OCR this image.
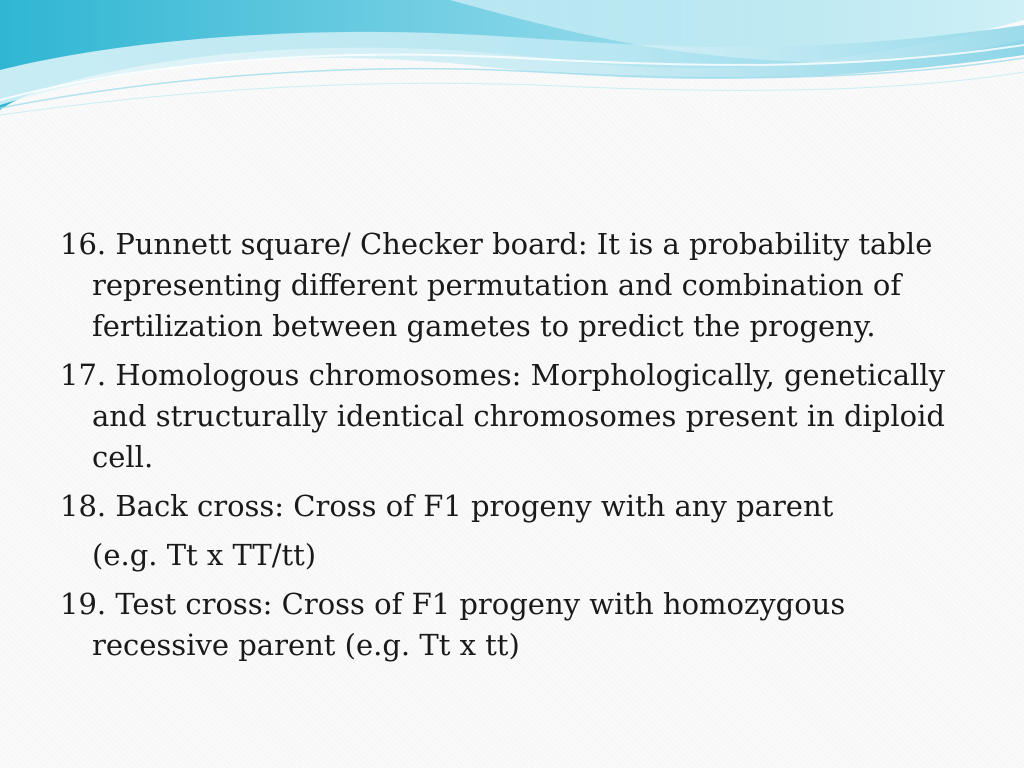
16. Punnett square/ Checker board: It is a probability table representing different permutation and combination of fertilization between gametes to predict the progeny.

17. Homologous chromosomes: Morphologically, genetically and structurally identical chromosomes present in diploid cell.

18. Back cross: Cross of F1 progeny with any parent
(e.g. Tt x TT/tt)

19. Test cross: Cross of F1 progeny with homozygous recessive parent (e.g. Tt x tt)
